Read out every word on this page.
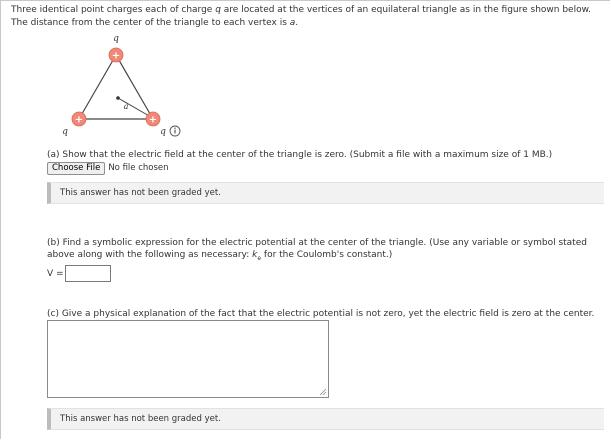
Three identical point charges each of charge q are located at the vertices of an equilateral triangle as in the figure shown below. The distance from the center of the triangle to each vertex is a.
+
+	+
q
q	q
a
(a) Show that the electric field at the center of the triangle is zero. (Submit a file with a maximum size of 1 MB.)
Choose File No file chosen
This answer has not been graded yet.
(b) Find a symbolic expression for the electric potential at the center of the triangle. (Use any variable or symbol stated
above along with the following as necessary: $k_e$ for the Coulomb's constant.)
V =
(c) Give a physical explanation of the fact that the electric potential is not zero, yet the electric field is zero at the center.
This answer has not been graded yet.
